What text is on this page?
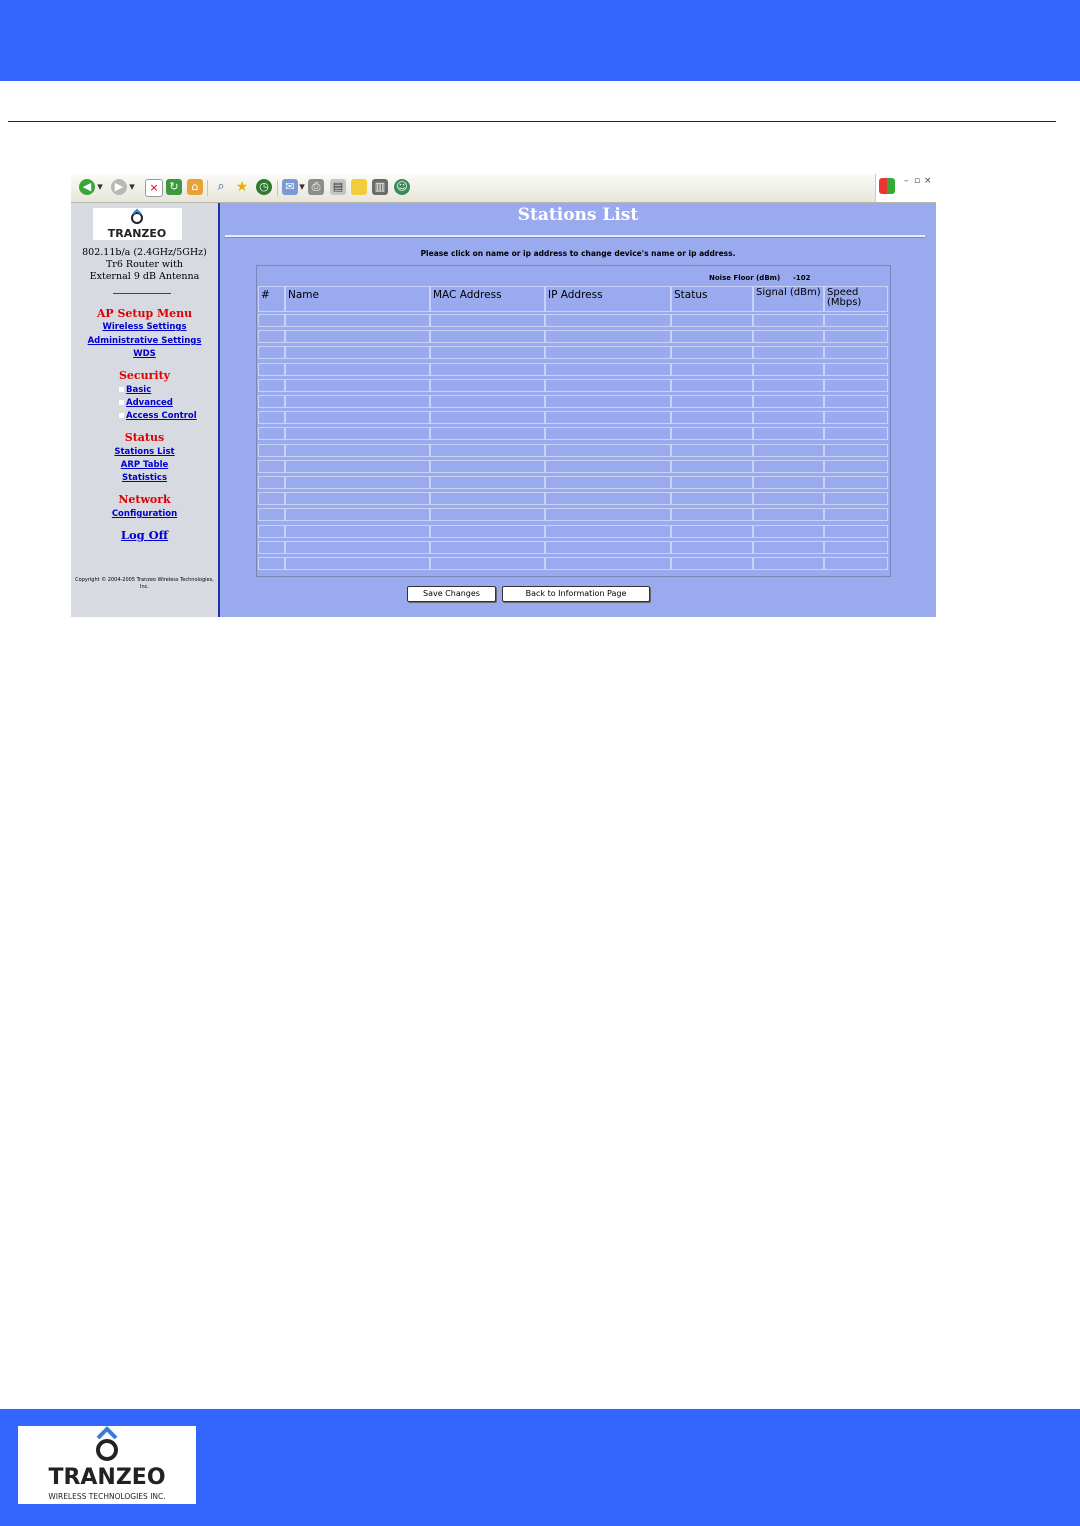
◀ ▾	▶ ▾	× ↻	⌂	⌕ ★ ◷	✉ ▾ ⎙	▤	▥ ☺	– ▫ ×
TRANZEO
802.11b/a (2.4GHz/5GHz)
Tr6 Router with
External 9 dB Antenna
AP Setup Menu
Wireless Settings
Administrative Settings
WDS
Security
Basic
Advanced
Access Control
Status
Stations List
ARP Table
Statistics
Network
Configuration
Log Off
Copyright © 2004-2005 Tranzeo Wireless Technologies, Inc.
Stations List
Please click on name or ip address to change device's name or ip address.
Noise Floor (dBm) -102
#	Name	MAC Address	IP Address	Status	Signal (dBm) Speed (Mbps)
Save Changes	Back to Information Page
TRANZEO
WIRELESS TECHNOLOGIES INC.
